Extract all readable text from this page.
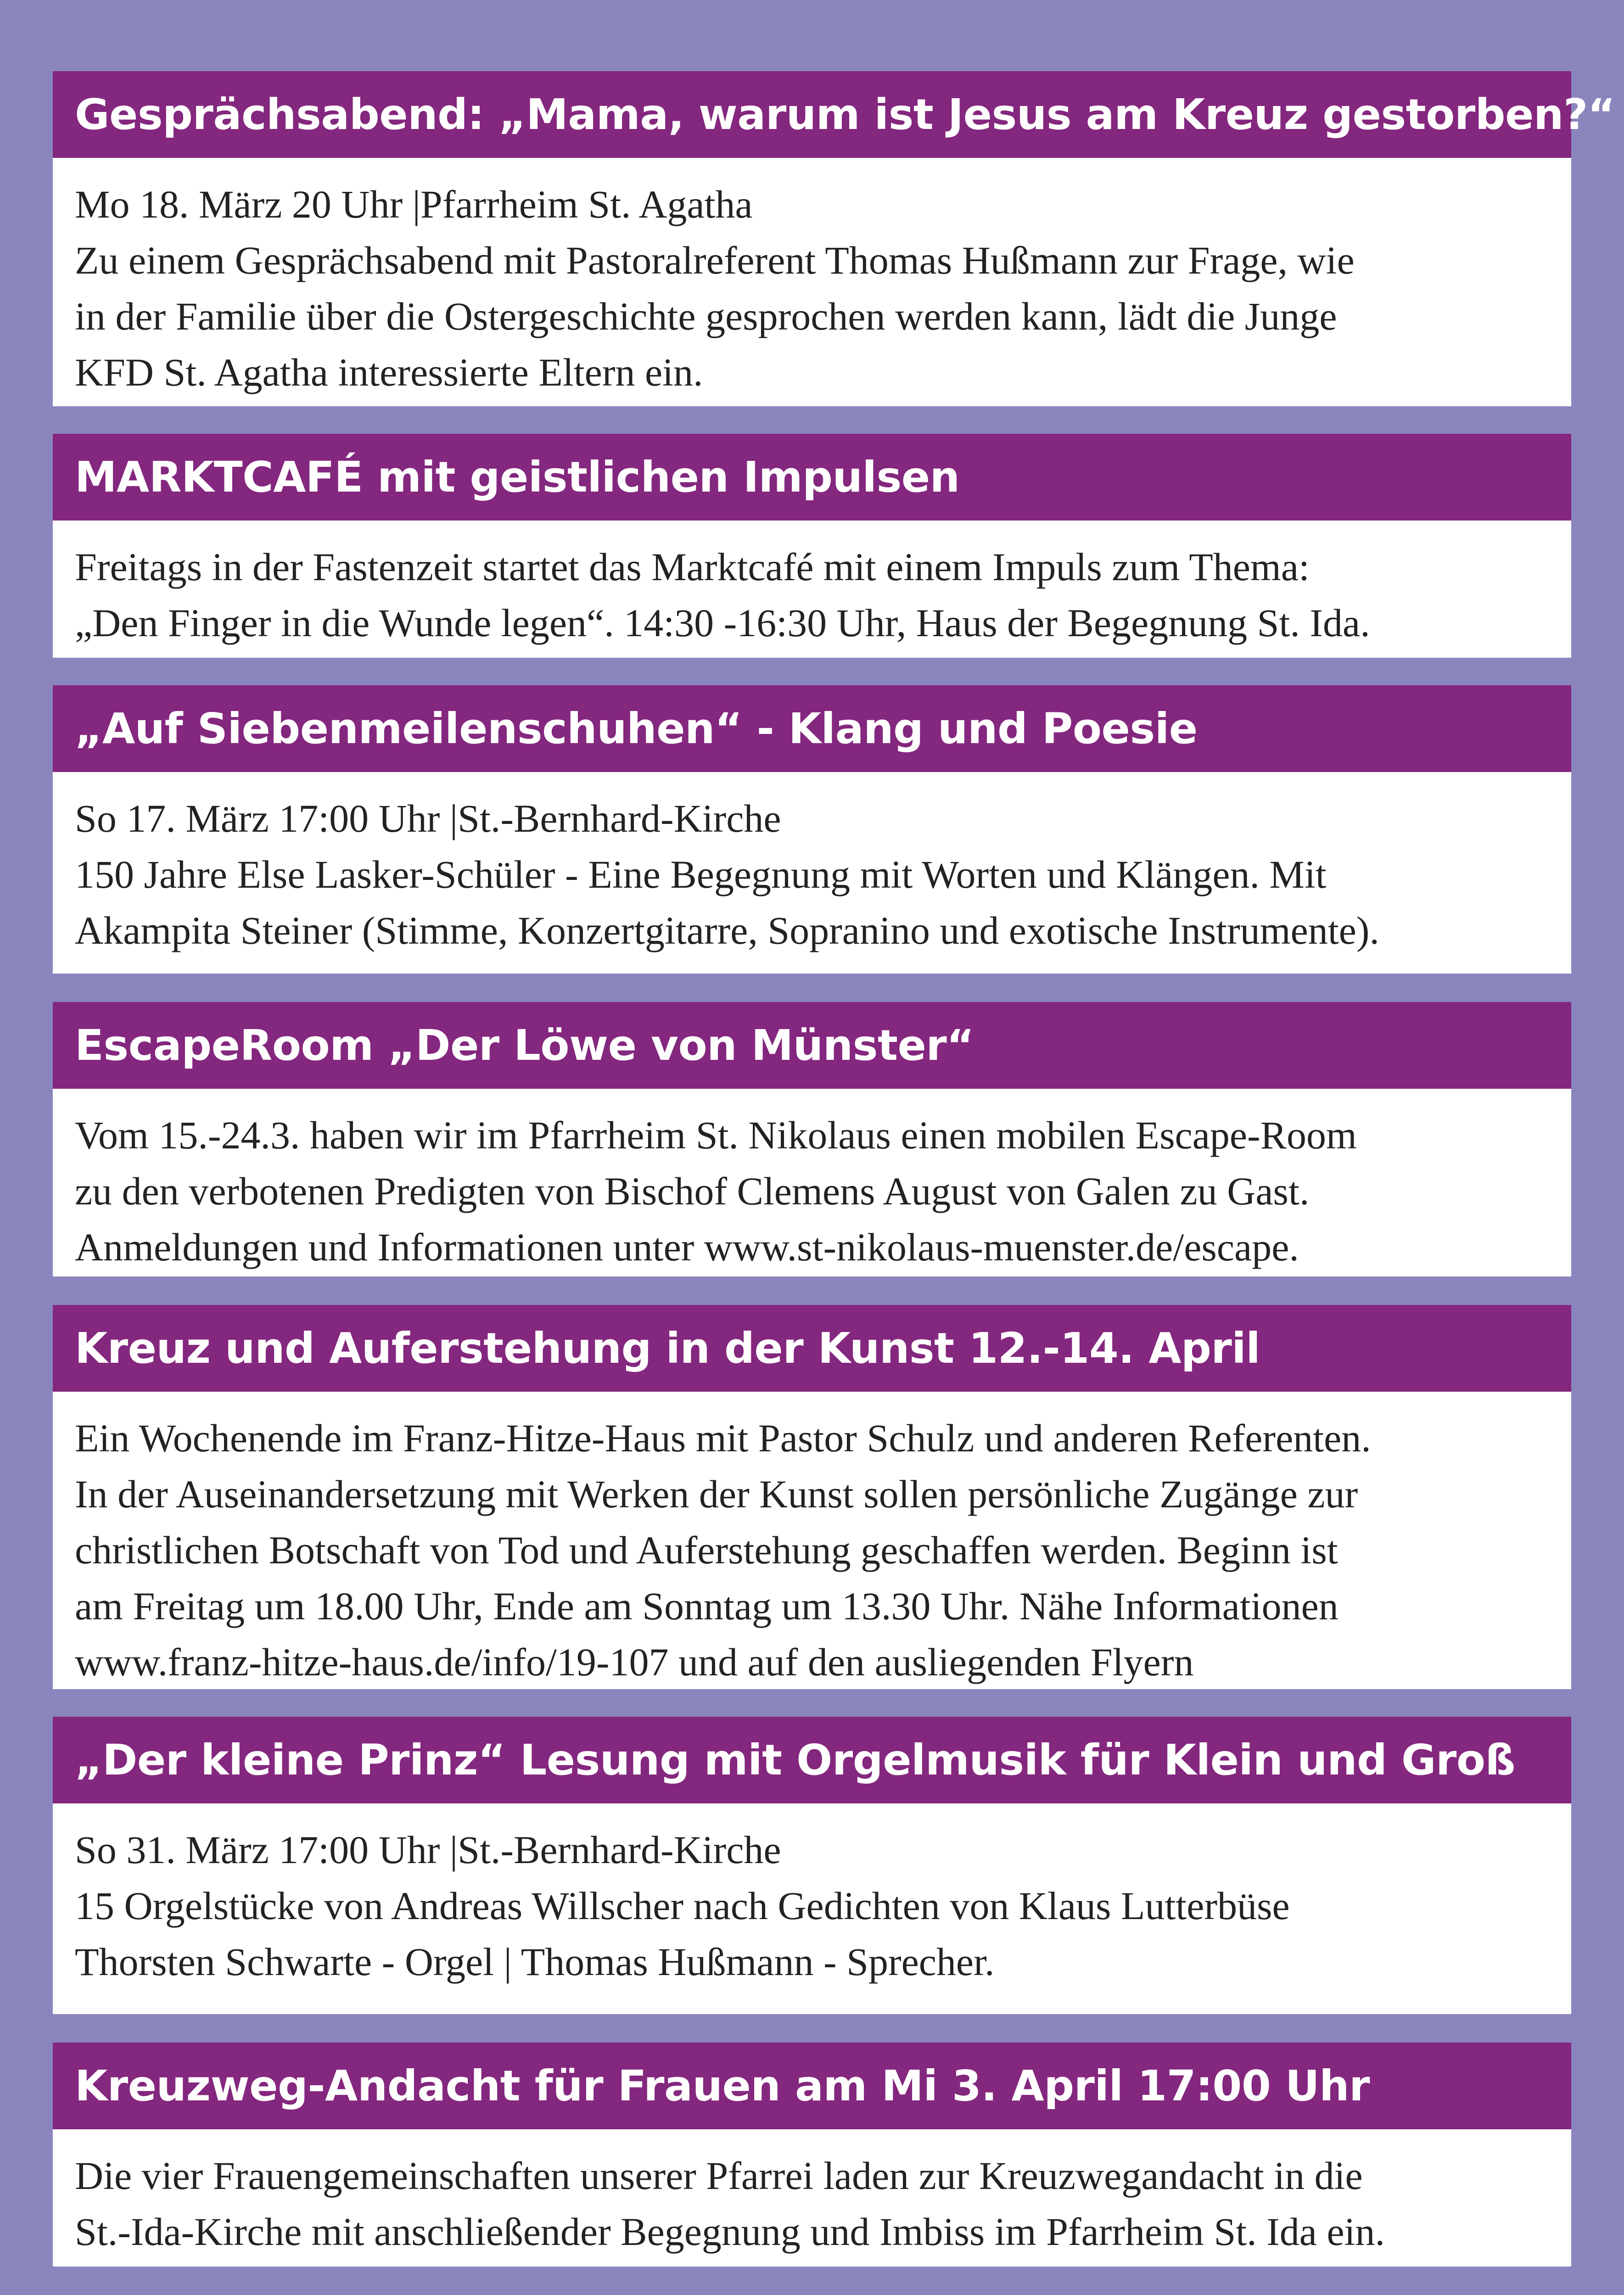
Gesprächsabend: „Mama, warum ist Jesus am Kreuz gestorben?“
Mo 18. März 20 Uhr |Pfarrheim St. Agatha
Zu einem Gesprächsabend mit Pastoralreferent Thomas Hußmann zur Frage, wie
in der Familie über die Ostergeschichte gesprochen werden kann, lädt die Junge
KFD St. Agatha interessierte Eltern ein.
MARKTCAFÉ mit geistlichen Impulsen
Freitags in der Fastenzeit startet das Marktcafé mit einem Impuls zum Thema:
„Den Finger in die Wunde legen“. 14:30 -16:30 Uhr, Haus der Begegnung St. Ida.
„Auf Siebenmeilenschuhen“ - Klang und Poesie
So 17. März 17:00 Uhr |St.-Bernhard-Kirche
150 Jahre Else Lasker-Schüler - Eine Begegnung mit Worten und Klängen. Mit
Akampita Steiner (Stimme, Konzertgitarre, Sopranino und exotische Instrumente).
EscapeRoom „Der Löwe von Münster“
Vom 15.-24.3. haben wir im Pfarrheim St. Nikolaus einen mobilen Escape-Room
zu den verbotenen Predigten von Bischof Clemens August von Galen zu Gast.
Anmeldungen und Informationen unter www.st-nikolaus-muenster.de/escape.
Kreuz und Auferstehung in der Kunst 12.-14. April
Ein Wochenende im Franz-Hitze-Haus mit Pastor Schulz und anderen Referenten.
In der Auseinandersetzung mit Werken der Kunst sollen persönliche Zugänge zur
christlichen Botschaft von Tod und Auferstehung geschaffen werden. Beginn ist
am Freitag um 18.00 Uhr, Ende am Sonntag um 13.30 Uhr. Nähe Informationen
www.franz-hitze-haus.de/info/19-107 und auf den ausliegenden Flyern
„Der kleine Prinz“ Lesung mit Orgelmusik für Klein und Groß
So 31. März 17:00 Uhr |St.-Bernhard-Kirche
15 Orgelstücke von Andreas Willscher nach Gedichten von Klaus Lutterbüse
Thorsten Schwarte - Orgel | Thomas Hußmann - Sprecher.
Kreuzweg-Andacht für Frauen am Mi 3. April 17:00 Uhr
Die vier Frauengemeinschaften unserer Pfarrei laden zur Kreuzwegandacht in die
St.-Ida-Kirche mit anschließender Begegnung und Imbiss im Pfarrheim St. Ida ein.
